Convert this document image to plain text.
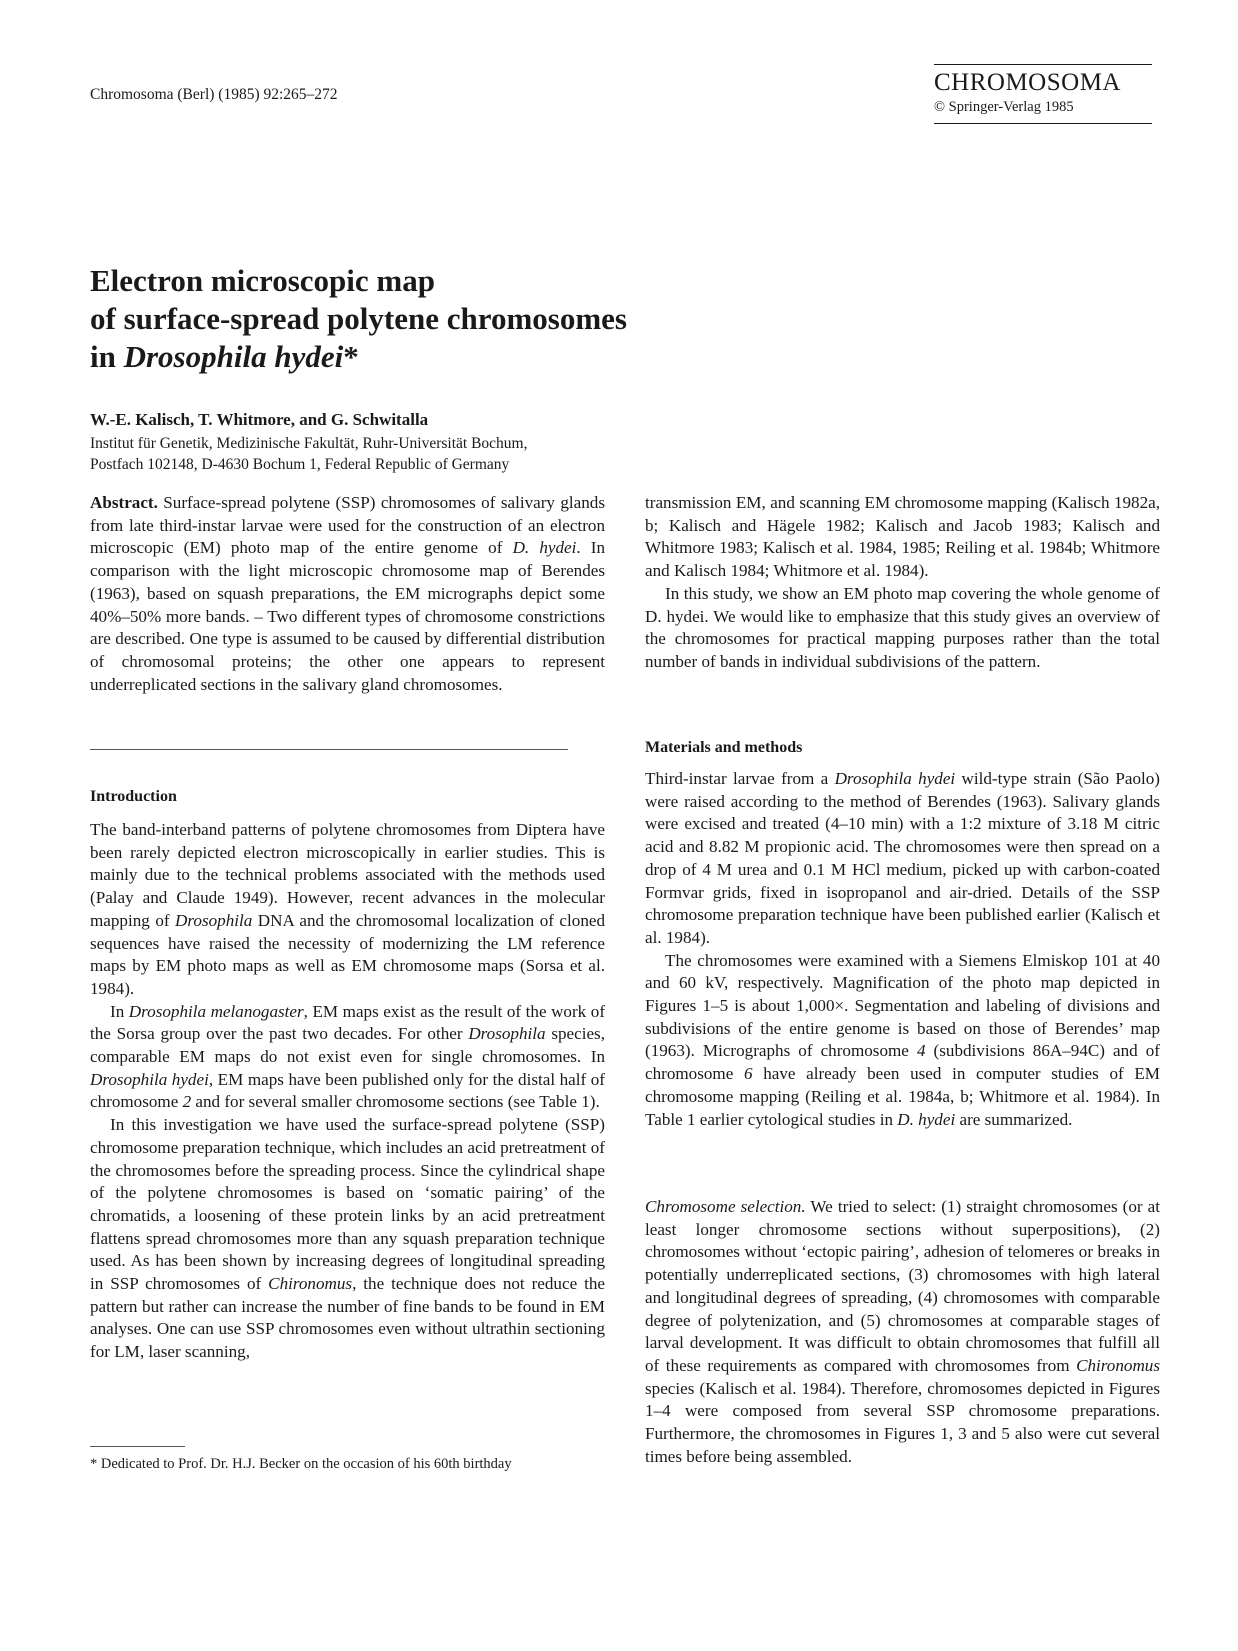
Chromosoma (Berl) (1985) 92:265–272	CHROMOSOMA
© Springer-Verlag 1985
Electron microscopic map
of surface-spread polytene chromosomes
in Drosophila hydei*
W.-E. Kalisch, T. Whitmore, and G. Schwitalla
Institut für Genetik, Medizinische Fakultät, Ruhr-Universität Bochum,
Postfach 102148, D-4630 Bochum 1, Federal Republic of Germany

Abstract. Surface-spread polytene (SSP) chromosomes of salivary glands from late third-instar larvae were used for the construction of an electron microscopic (EM) photo map of the entire genome of D. hydei. In comparison with the light microscopic chromosome map of Berendes (1963), based on squash preparations, the EM micrographs depict some 40%–50% more bands. – Two different types of chromosome constrictions are described. One type is assumed to be caused by differential distribution of chromosomal proteins; the other one appears to represent underreplicated sections in the salivary gland chromosomes.

Introduction

The band-interband patterns of polytene chromosomes from Diptera have been rarely depicted electron microscopically in earlier studies. This is mainly due to the technical problems associated with the methods used (Palay and Claude 1949). However, recent advances in the molecular mapping of Drosophila DNA and the chromosomal localization of cloned sequences have raised the necessity of modernizing the LM reference maps by EM photo maps as well as EM chromosome maps (Sorsa et al. 1984).

In Drosophila melanogaster, EM maps exist as the result of the work of the Sorsa group over the past two decades. For other Drosophila species, comparable EM maps do not exist even for single chromosomes. In Drosophila hydei, EM maps have been published only for the distal half of chromosome 2 and for several smaller chromosome sections (see Table 1).

In this investigation we have used the surface-spread polytene (SSP) chromosome preparation technique, which includes an acid pretreatment of the chromosomes before the spreading process. Since the cylindrical shape of the polytene chromosomes is based on ‘somatic pairing’ of the chromatids, a loosening of these protein links by an acid pretreatment flattens spread chromosomes more than any squash preparation technique used. As has been shown by increasing degrees of longitudinal spreading in SSP chromosomes of Chironomus, the technique does not reduce the pattern but rather can increase the number of fine bands to be found in EM analyses. One can use SSP chromosomes even without ultrathin sectioning for LM, laser scanning,

* Dedicated to Prof. Dr. H.J. Becker on the occasion of his 60th birthday

transmission EM, and scanning EM chromosome mapping (Kalisch 1982a, b; Kalisch and Hägele 1982; Kalisch and Jacob 1983; Kalisch and Whitmore 1983; Kalisch et al. 1984, 1985; Reiling et al. 1984b; Whitmore and Kalisch 1984; Whitmore et al. 1984).

In this study, we show an EM photo map covering the whole genome of D. hydei. We would like to emphasize that this study gives an overview of the chromosomes for practical mapping purposes rather than the total number of bands in individual subdivisions of the pattern.

Materials and methods

Third-instar larvae from a Drosophila hydei wild-type strain (São Paolo) were raised according to the method of Berendes (1963). Salivary glands were excised and treated (4–10 min) with a 1:2 mixture of 3.18 M citric acid and 8.82 M propionic acid. The chromosomes were then spread on a drop of 4 M urea and 0.1 M HCl medium, picked up with carbon-coated Formvar grids, fixed in isopropanol and air-dried. Details of the SSP chromosome preparation technique have been published earlier (Kalisch et al. 1984).

The chromosomes were examined with a Siemens Elmiskop 101 at 40 and 60 kV, respectively. Magnification of the photo map depicted in Figures 1–5 is about 1,000×. Segmentation and labeling of divisions and subdivisions of the entire genome is based on those of Berendes’ map (1963). Micrographs of chromosome 4 (subdivisions 86A–94C) and of chromosome 6 have already been used in computer studies of EM chromosome mapping (Reiling et al. 1984a, b; Whitmore et al. 1984). In Table 1 earlier cytological studies in D. hydei are summarized.

Chromosome selection. We tried to select: (1) straight chromosomes (or at least longer chromosome sections without superpositions), (2) chromosomes without ‘ectopic pairing’, adhesion of telomeres or breaks in potentially underreplicated sections, (3) chromosomes with high lateral and longitudinal degrees of spreading, (4) chromosomes with comparable degree of polytenization, and (5) chromosomes at comparable stages of larval development. It was difficult to obtain chromosomes that fulfill all of these requirements as compared with chromosomes from Chironomus species (Kalisch et al. 1984). Therefore, chromosomes depicted in Figures 1–4 were composed from several SSP chromosome preparations. Furthermore, the chromosomes in Figures 1, 3 and 5 also were cut several times before being assembled.
